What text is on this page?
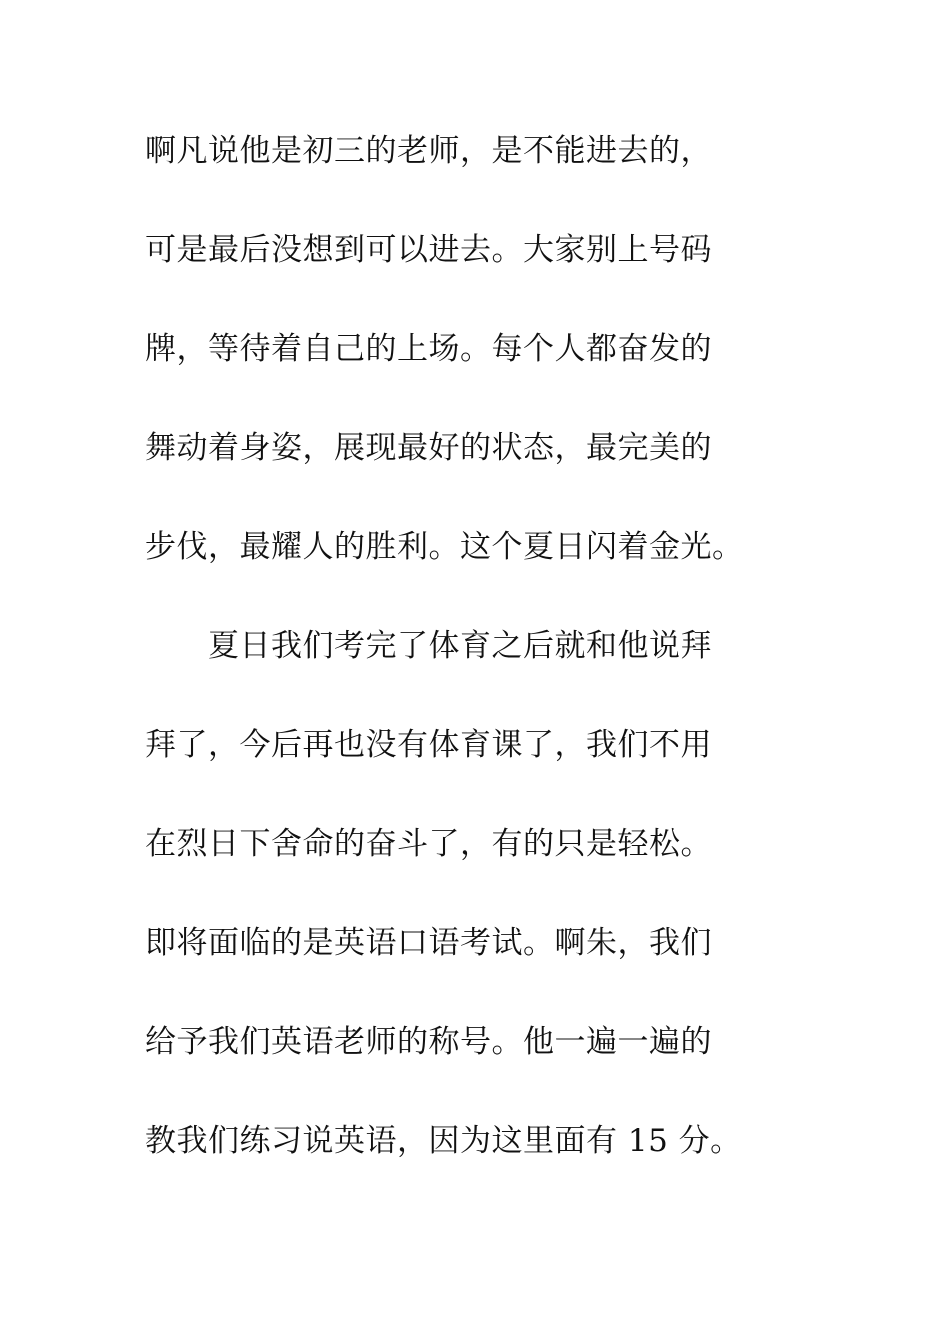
啊凡说他是初三的老师，是不能进去的，
可是最后没想到可以进去。大家别上号码
牌，等待着自己的上场。每个人都奋发的
舞动着身姿，展现最好的状态，最完美的
步伐，最耀人的胜利。这个夏日闪着金光。
　　夏日我们考完了体育之后就和他说拜
拜了，今后再也没有体育课了，我们不用
在烈日下舍命的奋斗了，有的只是轻松。
即将面临的是英语口语考试。啊朱，我们
给予我们英语老师的称号。他一遍一遍的
教我们练习说英语，因为这里面有 15 分。
